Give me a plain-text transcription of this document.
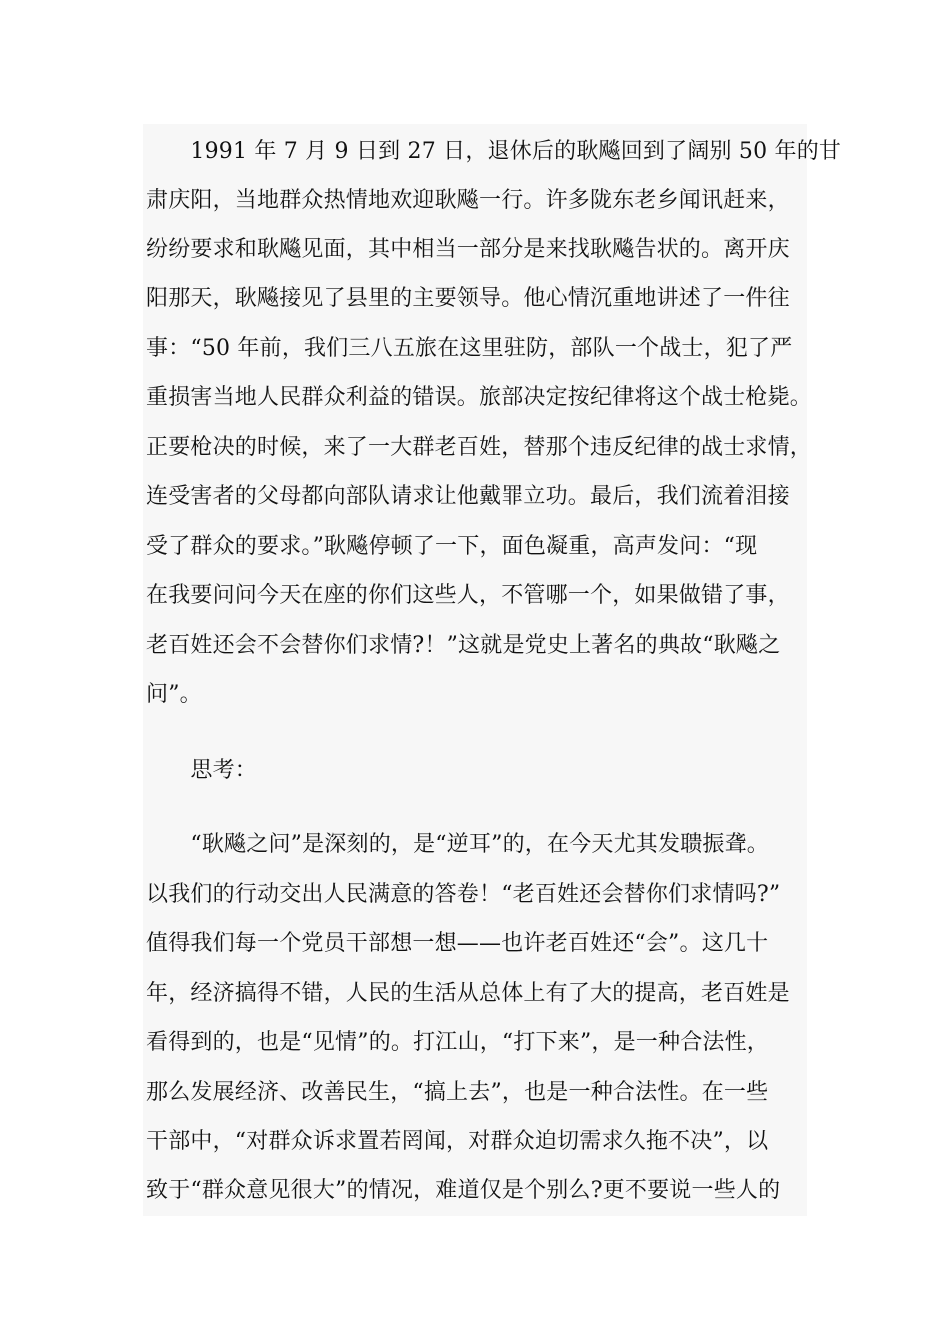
　　1991 年 7 月 9 日到 27 日，退休后的耿飚回到了阔别 50 年的甘
肃庆阳，当地群众热情地欢迎耿飚一行。许多陇东老乡闻讯赶来，
纷纷要求和耿飚见面，其中相当一部分是来找耿飚告状的。离开庆
阳那天，耿飚接见了县里的主要领导。他心情沉重地讲述了一件往
事：“50 年前，我们三八五旅在这里驻防，部队一个战士，犯了严
重损害当地人民群众利益的错误。旅部决定按纪律将这个战士枪毙。
正要枪决的时候，来了一大群老百姓，替那个违反纪律的战士求情，
连受害者的父母都向部队请求让他戴罪立功。最后，我们流着泪接
受了群众的要求。”耿飚停顿了一下，面色凝重，高声发问：“现
在我要问问今天在座的你们这些人，不管哪一个，如果做错了事，
老百姓还会不会替你们求情?！”这就是党史上著名的典故“耿飚之
问”。
　　思考：
　　“耿飚之问”是深刻的，是“逆耳”的，在今天尤其发聩振聋。
以我们的行动交出人民满意的答卷！“老百姓还会替你们求情吗?”
值得我们每一个党员干部想一想——也许老百姓还“会”。这几十
年，经济搞得不错，人民的生活从总体上有了大的提高，老百姓是
看得到的，也是“见情”的。打江山，“打下来”，是一种合法性，
那么发展经济、改善民生，“搞上去”，也是一种合法性。在一些
干部中，“对群众诉求置若罔闻，对群众迫切需求久拖不决”，以
致于“群众意见很大”的情况，难道仅是个别么?更不要说一些人的
